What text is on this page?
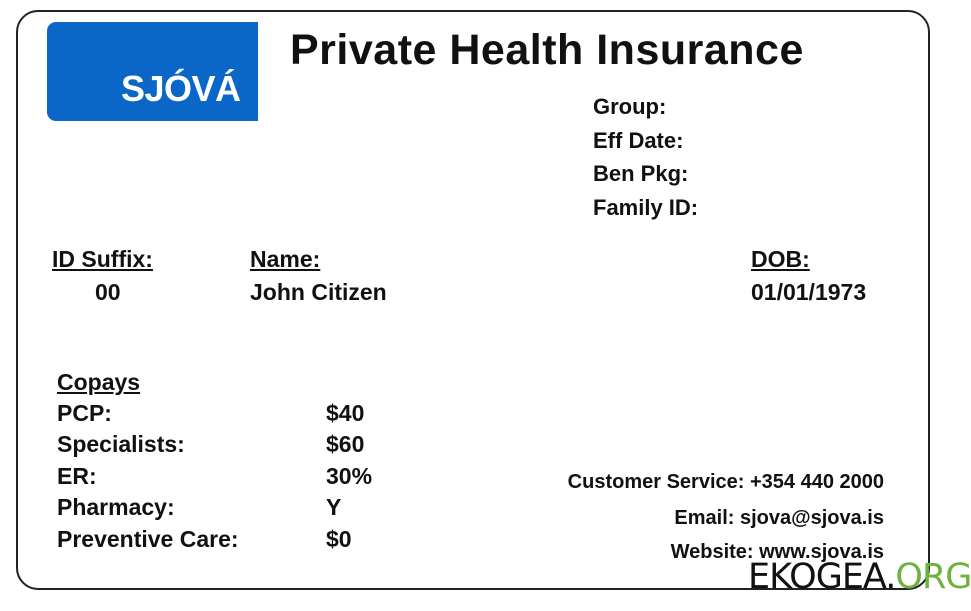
SJÓVÁ
Private Health Insurance
Group:
Eff Date:
Ben Pkg:
Family ID:
ID Suffix:
00
Name:
John Citizen
DOB:
01/01/1973
Copays
PCP:	$40
Specialists:	$60
ER:	30%
Pharmacy:	Y
Preventive Care:	$0
Customer Service: +354 440 2000
Email: sjova@sjova.is
Website: www.sjova.is
EKOGEA.ORG
